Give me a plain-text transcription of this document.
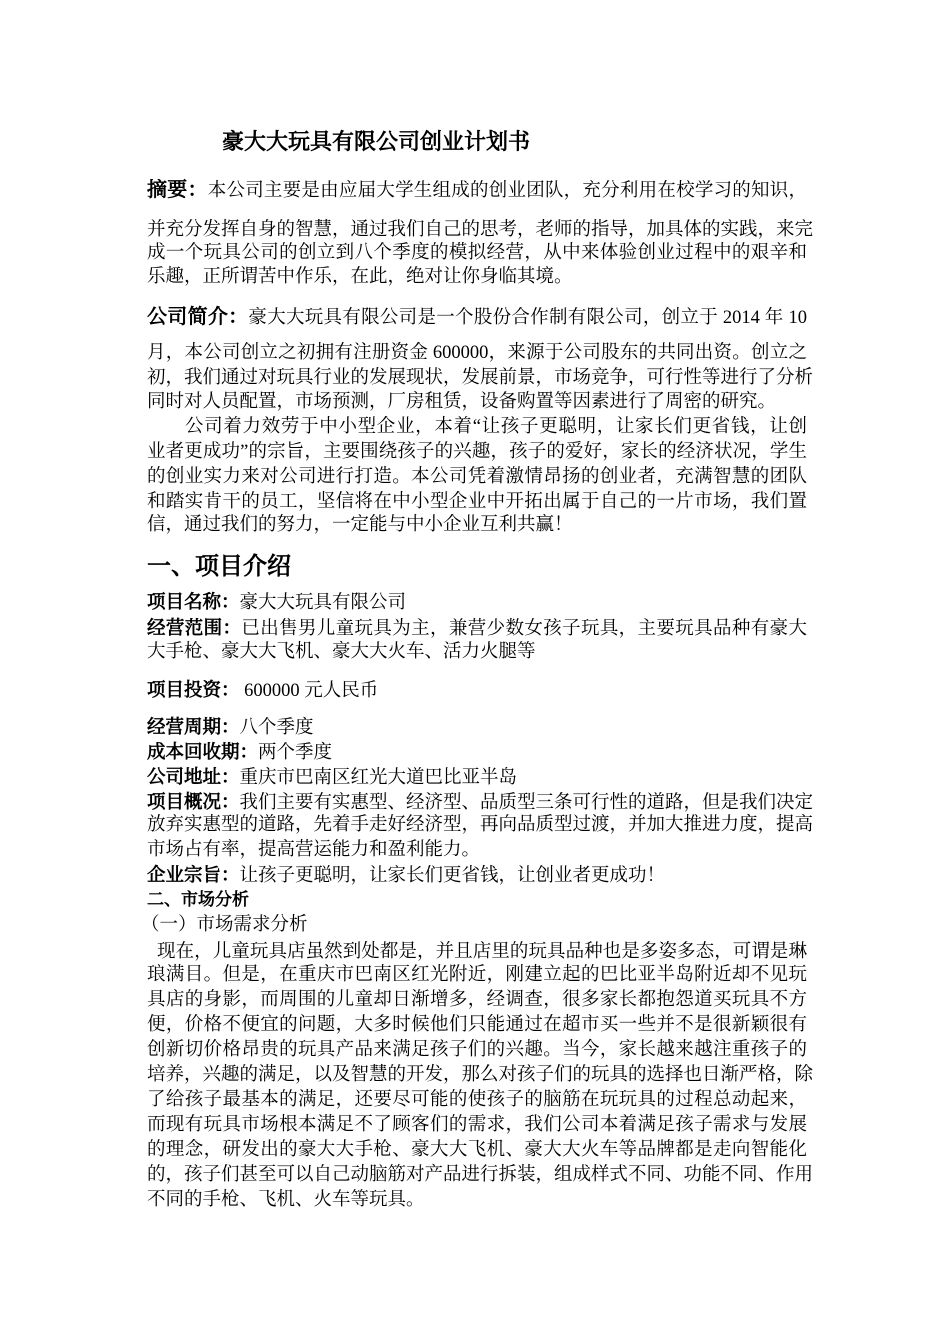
豪大大玩具有限公司创业计划书
摘要：本公司主要是由应届大学生组成的创业团队，充分利用在校学习的知识，
并充分发挥自身的智慧，通过我们自己的思考，老师的指导，加具体的实践，来完
成一个玩具公司的创立到八个季度的模拟经营，从中来体验创业过程中的艰辛和
乐趣，正所谓苦中作乐，在此，绝对让你身临其境。
公司简介：豪大大玩具有限公司是一个股份合作制有限公司，创立于 2014 年 10
月，本公司创立之初拥有注册资金 600000，来源于公司股东的共同出资。创立之
初，我们通过对玩具行业的发展现状，发展前景，市场竞争，可行性等进行了分析
同时对人员配置，市场预测，厂房租赁，设备购置等因素进行了周密的研究。
公司着力效劳于中小型企业，本着“让孩子更聪明，让家长们更省钱，让创
业者更成功”的宗旨，主要围绕孩子的兴趣，孩子的爱好，家长的经济状况，学生
的创业实力来对公司进行打造。本公司凭着激情昂扬的创业者，充满智慧的团队
和踏实肯干的员工，坚信将在中小型企业中开拓出属于自己的一片市场，我们置
信，通过我们的努力，一定能与中小企业互利共赢！
一、项目介绍
项目名称：豪大大玩具有限公司
经营范围：已出售男儿童玩具为主，兼营少数女孩子玩具，主要玩具品种有豪大
大手枪、豪大大飞机、豪大大火车、活力火腿等
项目投资： 600000 元人民币
经营周期：八个季度
成本回收期：两个季度
公司地址：重庆市巴南区红光大道巴比亚半岛
项目概况：我们主要有实惠型、经济型、品质型三条可行性的道路，但是我们决定
放弃实惠型的道路，先着手走好经济型，再向品质型过渡，并加大推进力度，提高
市场占有率，提高营运能力和盈利能力。
企业宗旨：让孩子更聪明，让家长们更省钱，让创业者更成功！
二、市场分析
（一）市场需求分析
现在，儿童玩具店虽然到处都是，并且店里的玩具品种也是多姿多态，可谓是琳
琅满目。但是，在重庆市巴南区红光附近，刚建立起的巴比亚半岛附近却不见玩
具店的身影，而周围的儿童却日渐增多，经调查，很多家长都抱怨道买玩具不方
便，价格不便宜的问题，大多时候他们只能通过在超市买一些并不是很新颖很有
创新切价格昂贵的玩具产品来满足孩子们的兴趣。当今，家长越来越注重孩子的
培养，兴趣的满足，以及智慧的开发，那么对孩子们的玩具的选择也日渐严格，除
了给孩子最基本的满足，还要尽可能的使孩子的脑筋在玩玩具的过程总动起来，
而现有玩具市场根本满足不了顾客们的需求，我们公司本着满足孩子需求与发展
的理念，研发出的豪大大手枪、豪大大飞机、豪大大火车等品牌都是走向智能化
的，孩子们甚至可以自己动脑筋对产品进行拆装，组成样式不同、功能不同、作用
不同的手枪、飞机、火车等玩具。
